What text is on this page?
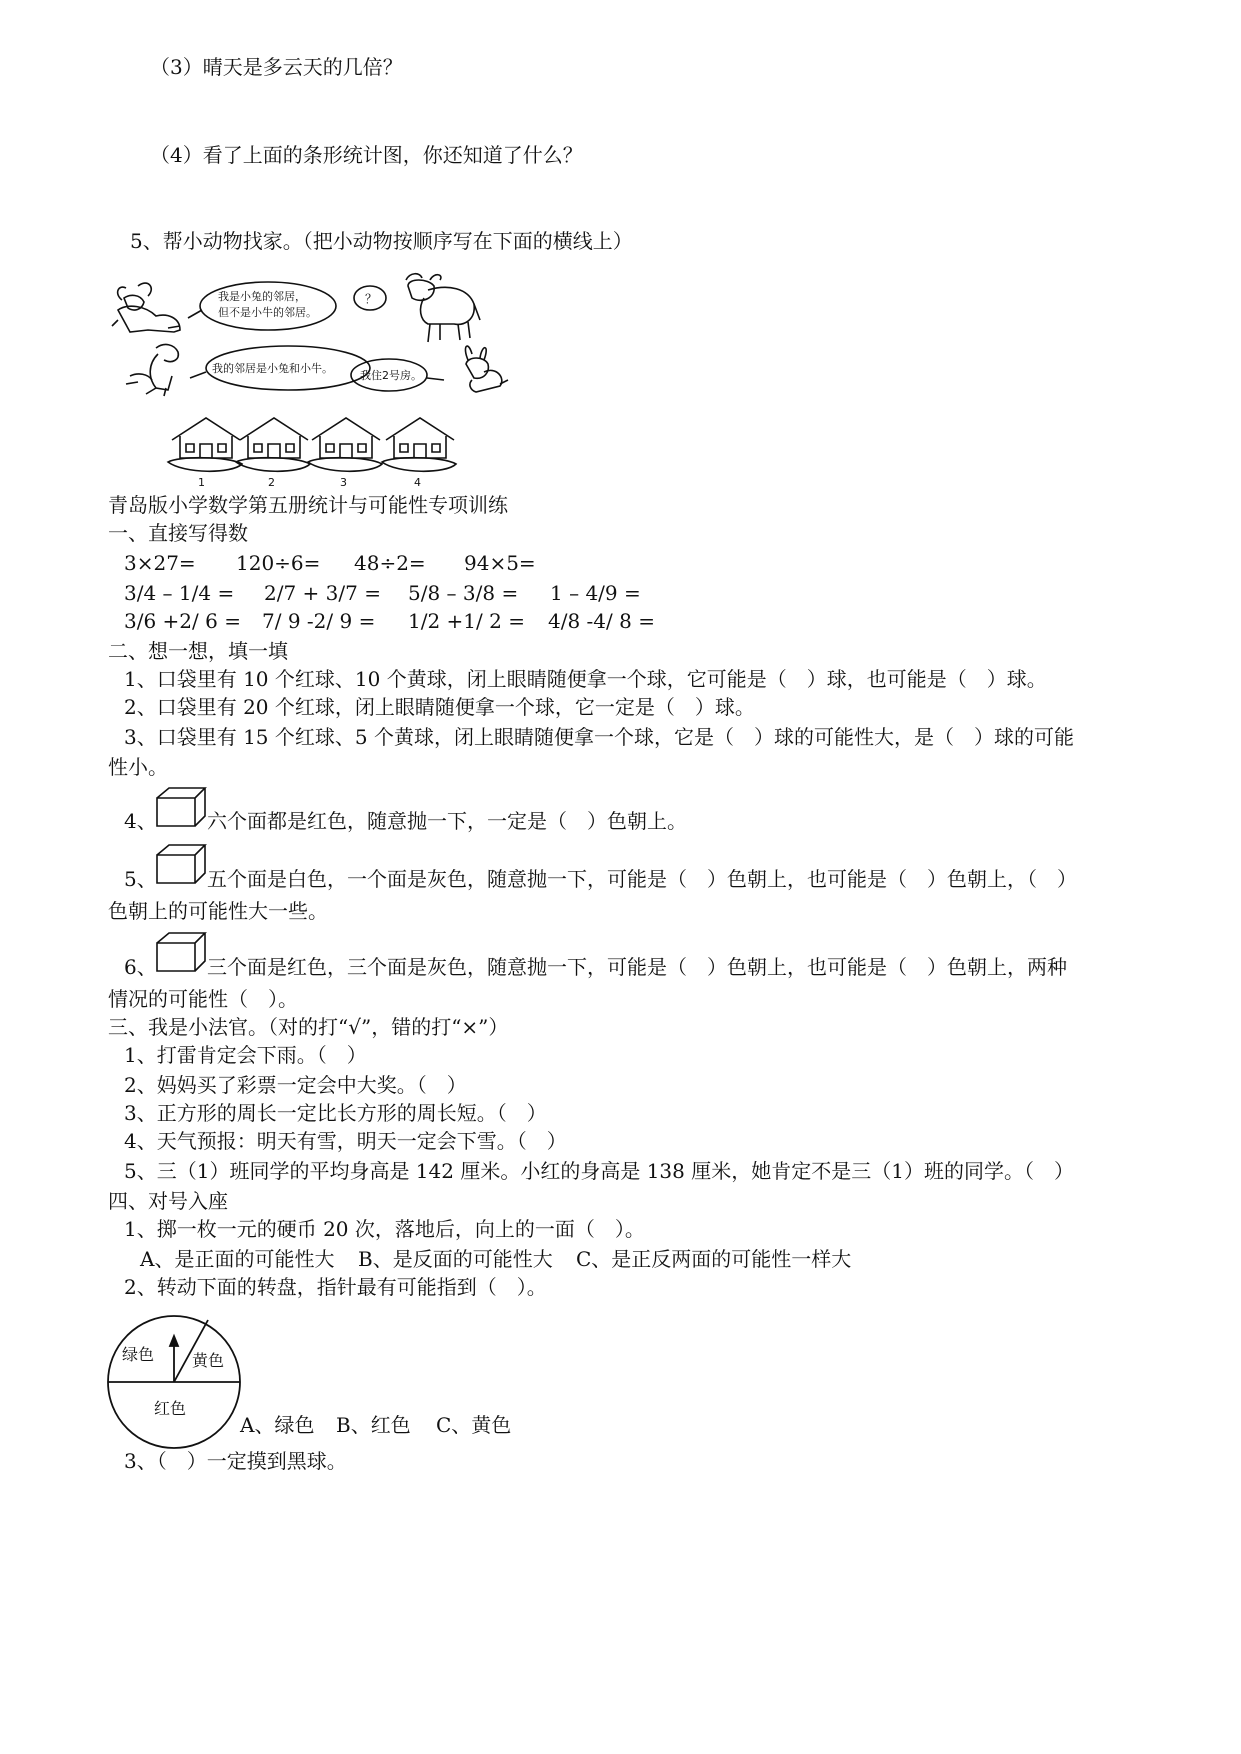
（3）晴天是多云天的几倍？
（4）看了上面的条形统计图，你还知道了什么？
5、帮小动物找家。（把小动物按顺序写在下面的横线上）
我是小兔的邻居，
但不是小牛的邻居。
？
我的邻居是小兔和小牛。
我住2号房。
1	2	3	4
青岛版小学数学第五册统计与可能性专项训练
一、直接写得数
3×27= 120÷6= 48÷2= 94×5=
3/4 – 1/4 = 2/7 + 3/7 = 5/8 – 3/8 = 1 – 4/9 =
3/6 +2/ 6 = 7/ 9 -2/ 9 = 1/2 +1/ 2 = 4/8 -4/ 8 =
二、想一想，填一填
1、口袋里有 10 个红球、10 个黄球，闭上眼睛随便拿一个球，它可能是（　）球，也可能是（　）球。
2、口袋里有 20 个红球，闭上眼睛随便拿一个球，它一定是（　）球。
3、口袋里有 15 个红球、5 个黄球，闭上眼睛随便拿一个球，它是（　）球的可能性大，是（　）球的可能
性小。
4、	六个面都是红色，随意抛一下，一定是（　）色朝上。
5、	五个面是白色，一个面是灰色，随意抛一下，可能是（　）色朝上，也可能是（　）色朝上，（　）
色朝上的可能性大一些。
6、	三个面是红色，三个面是灰色，随意抛一下，可能是（　）色朝上，也可能是（　）色朝上，两种
情况的可能性（　）。
三、我是小法官。（对的打“√”，错的打“×”）
1、打雷肯定会下雨。（　）
2、妈妈买了彩票一定会中大奖。（　）
3、正方形的周长一定比长方形的周长短。（　）
4、天气预报：明天有雪，明天一定会下雪。（　）
5、三（1）班同学的平均身高是 142 厘米。小红的身高是 138 厘米，她肯定不是三（1）班的同学。（　）
四、对号入座
1、掷一枚一元的硬币 20 次，落地后，向上的一面（　）。
A、是正面的可能性大 B、是反面的可能性大 C、是正反两面的可能性一样大
2、转动下面的转盘，指针最有可能指到（　）。
绿色 黄色
红色
A、绿色 B、红色 C、黄色
3、（　）一定摸到黑球。
